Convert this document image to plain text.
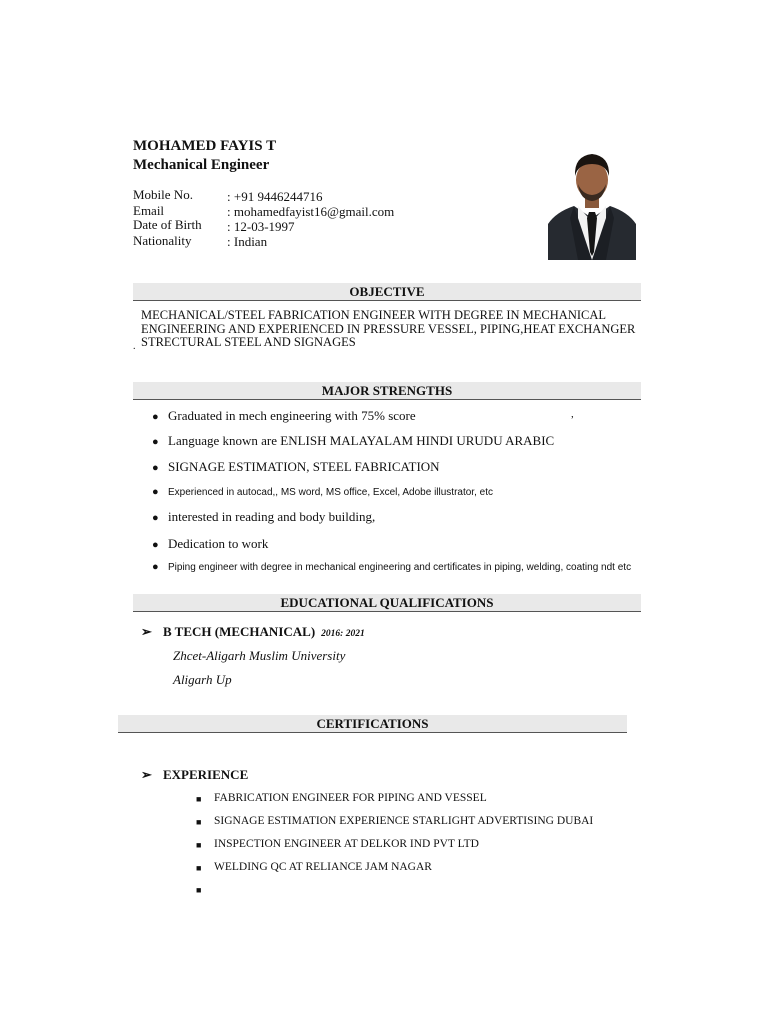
MOHAMED FAYIS T
Mechanical Engineer
Mobile No.	: +91 9446244716
Email	: mohamedfayist16@gmail.com
Date of Birth : 12-03-1997
Nationality	: Indian
OBJECTIVE
MECHANICAL/STEEL FABRICATION ENGINEER WITH DEGREE IN MECHANICAL ENGINEERING AND EXPERIENCED IN PRESSURE VESSEL, PIPING,HEAT EXCHANGER STRECTURAL STEEL AND SIGNAGES
.
MAJOR STRENGTHS
● Graduated in mech engineering with 75% score	,
● Language known are ENLISH MALAYALAM HINDI URUDU ARABIC
● SIGNAGE ESTIMATION, STEEL FABRICATION
● Experienced in autocad,, MS word, MS office, Excel, Adobe illustrator, etc
● interested in reading and body building,
● Dedication to work
● Piping engineer with degree in mechanical engineering and certificates in piping, welding, coating ndt etc
EDUCATIONAL QUALIFICATIONS
➢ B TECH (MECHANICAL) 2016: 2021
Zhcet-Aligarh Muslim University
Aligarh Up
CERTIFICATIONS
➢ EXPERIENCE
■ FABRICATION ENGINEER FOR PIPING AND VESSEL
■ SIGNAGE ESTIMATION EXPERIENCE STARLIGHT ADVERTISING DUBAI
■ INSPECTION ENGINEER AT DELKOR IND PVT LTD
■ WELDING QC AT RELIANCE JAM NAGAR
■
